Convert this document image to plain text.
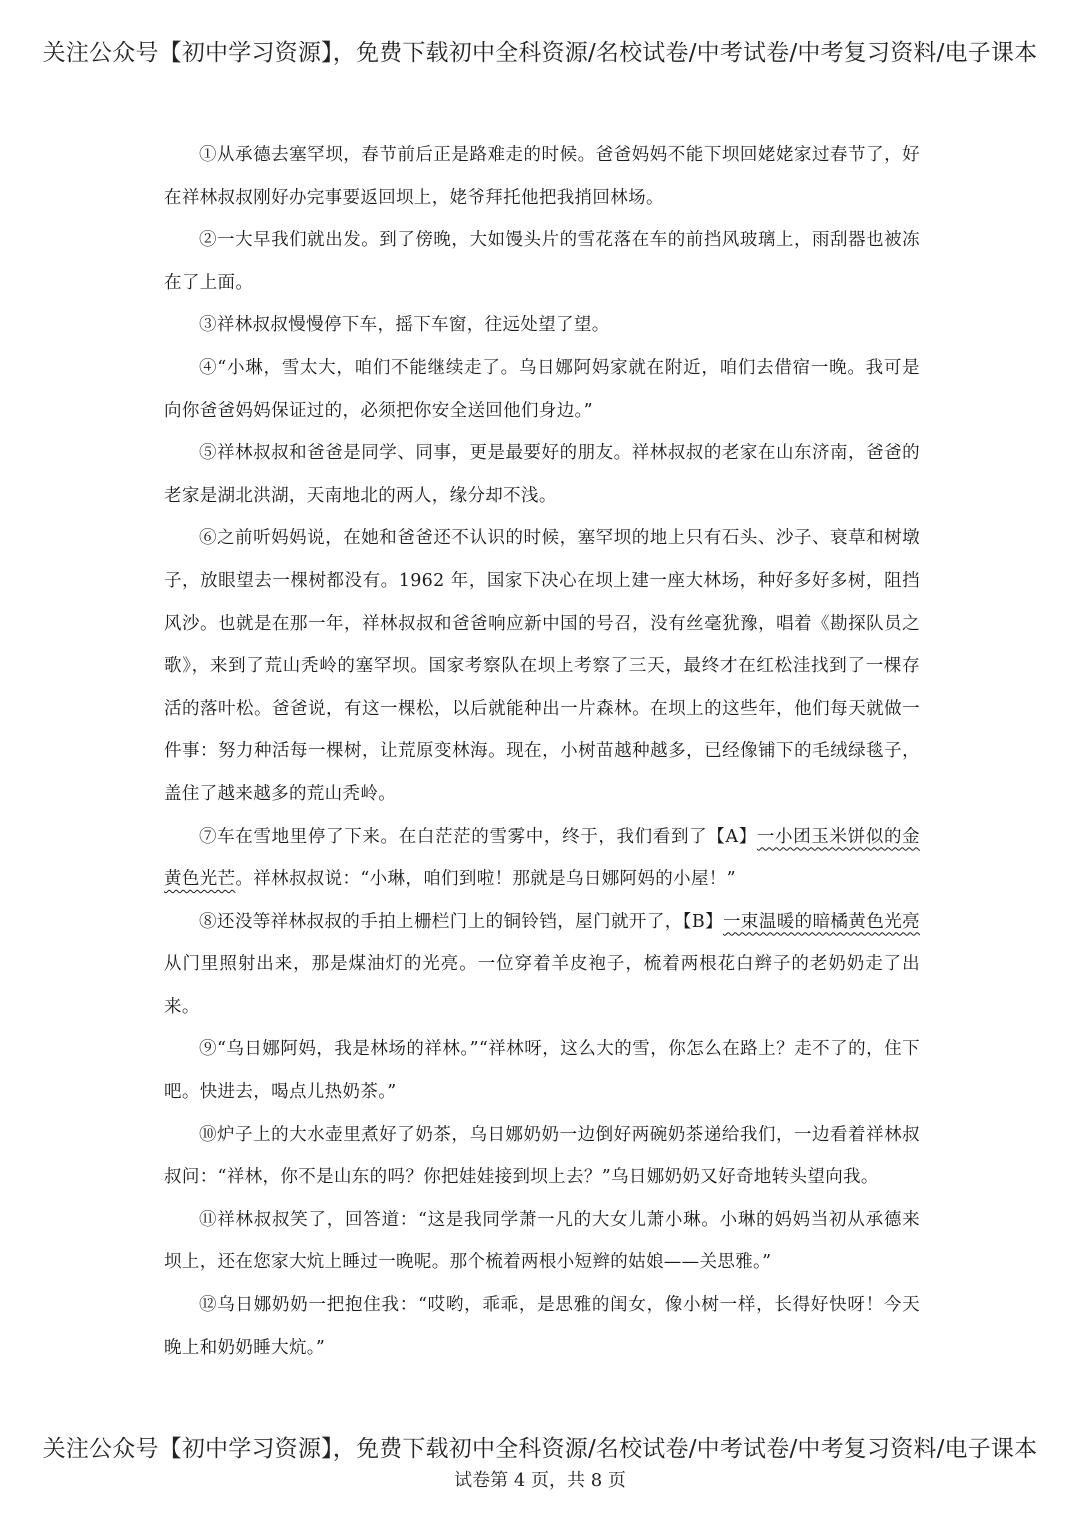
关注公众号【初中学习资源】，免费下载初中全科资源/名校试卷/中考试卷/中考复习资料/电子课本

①从承德去塞罕坝，春节前后正是路难走的时候。爸爸妈妈不能下坝回姥姥家过春节了，好在祥林叔叔刚好办完事要返回坝上，姥爷拜托他把我捎回林场。

②一大早我们就出发。到了傍晚，大如馒头片的雪花落在车的前挡风玻璃上，雨刮器也被冻在了上面。

③祥林叔叔慢慢停下车，摇下车窗，往远处望了望。

④“小琳，雪太大，咱们不能继续走了。乌日娜阿妈家就在附近，咱们去借宿一晚。我可是向你爸爸妈妈保证过的，必须把你安全送回他们身边。”

⑤祥林叔叔和爸爸是同学、同事，更是最要好的朋友。祥林叔叔的老家在山东济南，爸爸的老家是湖北洪湖，天南地北的两人，缘分却不浅。

⑥之前听妈妈说，在她和爸爸还不认识的时候，塞罕坝的地上只有石头、沙子、衰草和树墩子，放眼望去一棵树都没有。1962 年，国家下决心在坝上建一座大林场，种好多好多树，阻挡风沙。也就是在那一年，祥林叔叔和爸爸响应新中国的号召，没有丝毫犹豫，唱着《勘探队员之歌》，来到了荒山秃岭的塞罕坝。国家考察队在坝上考察了三天，最终才在红松洼找到了一棵存活的落叶松。爸爸说，有这一棵松，以后就能种出一片森林。在坝上的这些年，他们每天就做一件事：努力种活每一棵树，让荒原变林海。现在，小树苗越种越多，已经像铺下的毛绒绿毯子，盖住了越来越多的荒山秃岭。

⑦车在雪地里停了下来。在白茫茫的雪雾中，终于，我们看到了【A】一小团玉米饼似的金黄色光芒。祥林叔叔说：“小琳，咱们到啦！那就是乌日娜阿妈的小屋！”

⑧还没等祥林叔叔的手拍上栅栏门上的铜铃铛，屋门就开了，【B】一束温暖的暗橘黄色光亮从门里照射出来，那是煤油灯的光亮。一位穿着羊皮袍子，梳着两根花白辫子的老奶奶走了出来。

⑨“乌日娜阿妈，我是林场的祥林。”“祥林呀，这么大的雪，你怎么在路上？走不了的，住下吧。快进去，喝点儿热奶茶。”

⑩炉子上的大水壶里煮好了奶茶，乌日娜奶奶一边倒好两碗奶茶递给我们，一边看着祥林叔叔问：“祥林，你不是山东的吗？你把娃娃接到坝上去？”乌日娜奶奶又好奇地转头望向我。

⑪祥林叔叔笑了，回答道：“这是我同学萧一凡的大女儿萧小琳。小琳的妈妈当初从承德来坝上，还在您家大炕上睡过一晚呢。那个梳着两根小短辫的姑娘——关思雅。”

⑫乌日娜奶奶一把抱住我：“哎哟，乖乖，是思雅的闺女，像小树一样，长得好快呀！今天晚上和奶奶睡大炕。”

关注公众号【初中学习资源】，免费下载初中全科资源/名校试卷/中考试卷/中考复习资料/电子课本
试卷第 4 页，共 8 页
